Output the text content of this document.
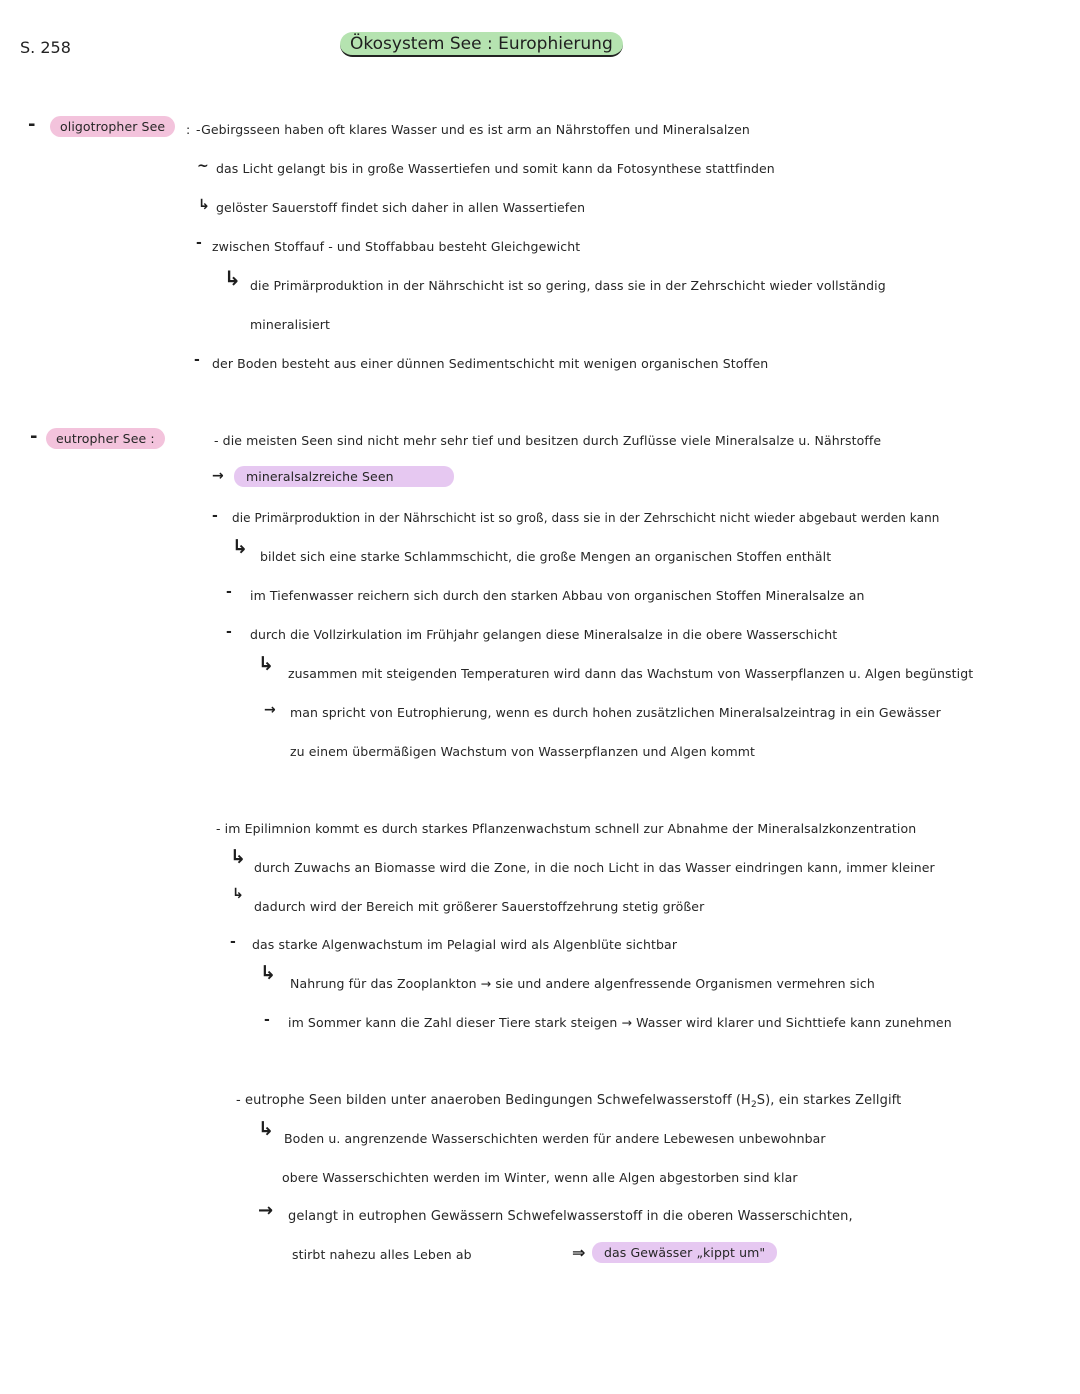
S. 258	Ökosystem See : Europhierung
-	oligotropher See	: -Gebirgsseen haben oft klares Wasser und es ist arm an Nährstoffen und Mineralsalzen
~ das Licht gelangt bis in große Wassertiefen und somit kann da Fotosynthese stattfinden
↳ gelöster Sauerstoff findet sich daher in allen Wassertiefen
- zwischen Stoffauf - und Stoffabbau besteht Gleichgewicht
↳ die Primärproduktion in der Nährschicht ist so gering, dass sie in der Zehrschicht wieder vollständig
mineralisiert
- der Boden besteht aus einer dünnen Sedimentschicht mit wenigen organischen Stoffen
-	eutropher See :	- die meisten Seen sind nicht mehr sehr tief und besitzen durch Zuflüsse viele Mineralsalze u. Nährstoffe
→	mineralsalzreiche Seen
- die Primärproduktion in der Nährschicht ist so groß, dass sie in der Zehrschicht nicht wieder abgebaut werden kann
↳ bildet sich eine starke Schlammschicht, die große Mengen an organischen Stoffen enthält
- im Tiefenwasser reichern sich durch den starken Abbau von organischen Stoffen Mineralsalze an
- durch die Vollzirkulation im Frühjahr gelangen diese Mineralsalze in die obere Wasserschicht
↳ zusammen mit steigenden Temperaturen wird dann das Wachstum von Wasserpflanzen u. Algen begünstigt
→ man spricht von Eutrophierung, wenn es durch hohen zusätzlichen Mineralsalzeintrag in ein Gewässer
zu einem übermäßigen Wachstum von Wasserpflanzen und Algen kommt
- im Epilimnion kommt es durch starkes Pflanzenwachstum schnell zur Abnahme der Mineralsalzkonzentration
↳ durch Zuwachs an Biomasse wird die Zone, in die noch Licht in das Wasser eindringen kann, immer kleiner
↳
dadurch wird der Bereich mit größerer Sauerstoffzehrung stetig größer
- das starke Algenwachstum im Pelagial wird als Algenblüte sichtbar
↳ Nahrung für das Zooplankton → sie und andere algenfressende Organismen vermehren sich
- im Sommer kann die Zahl dieser Tiere stark steigen → Wasser wird klarer und Sichttiefe kann zunehmen
- eutrophe Seen bilden unter anaeroben Bedingungen Schwefelwasserstoff $(H_2S)$, ein starkes Zellgift
↳ Boden u. angrenzende Wasserschichten werden für andere Lebewesen unbewohnbar
obere Wasserschichten werden im Winter, wenn alle Algen abgestorben sind klar
→ gelangt in eutrophen Gewässern Schwefelwasserstoff in die oberen Wasserschichten,
stirbt nahezu alles Leben ab	⇒	das Gewässer „kippt um"
